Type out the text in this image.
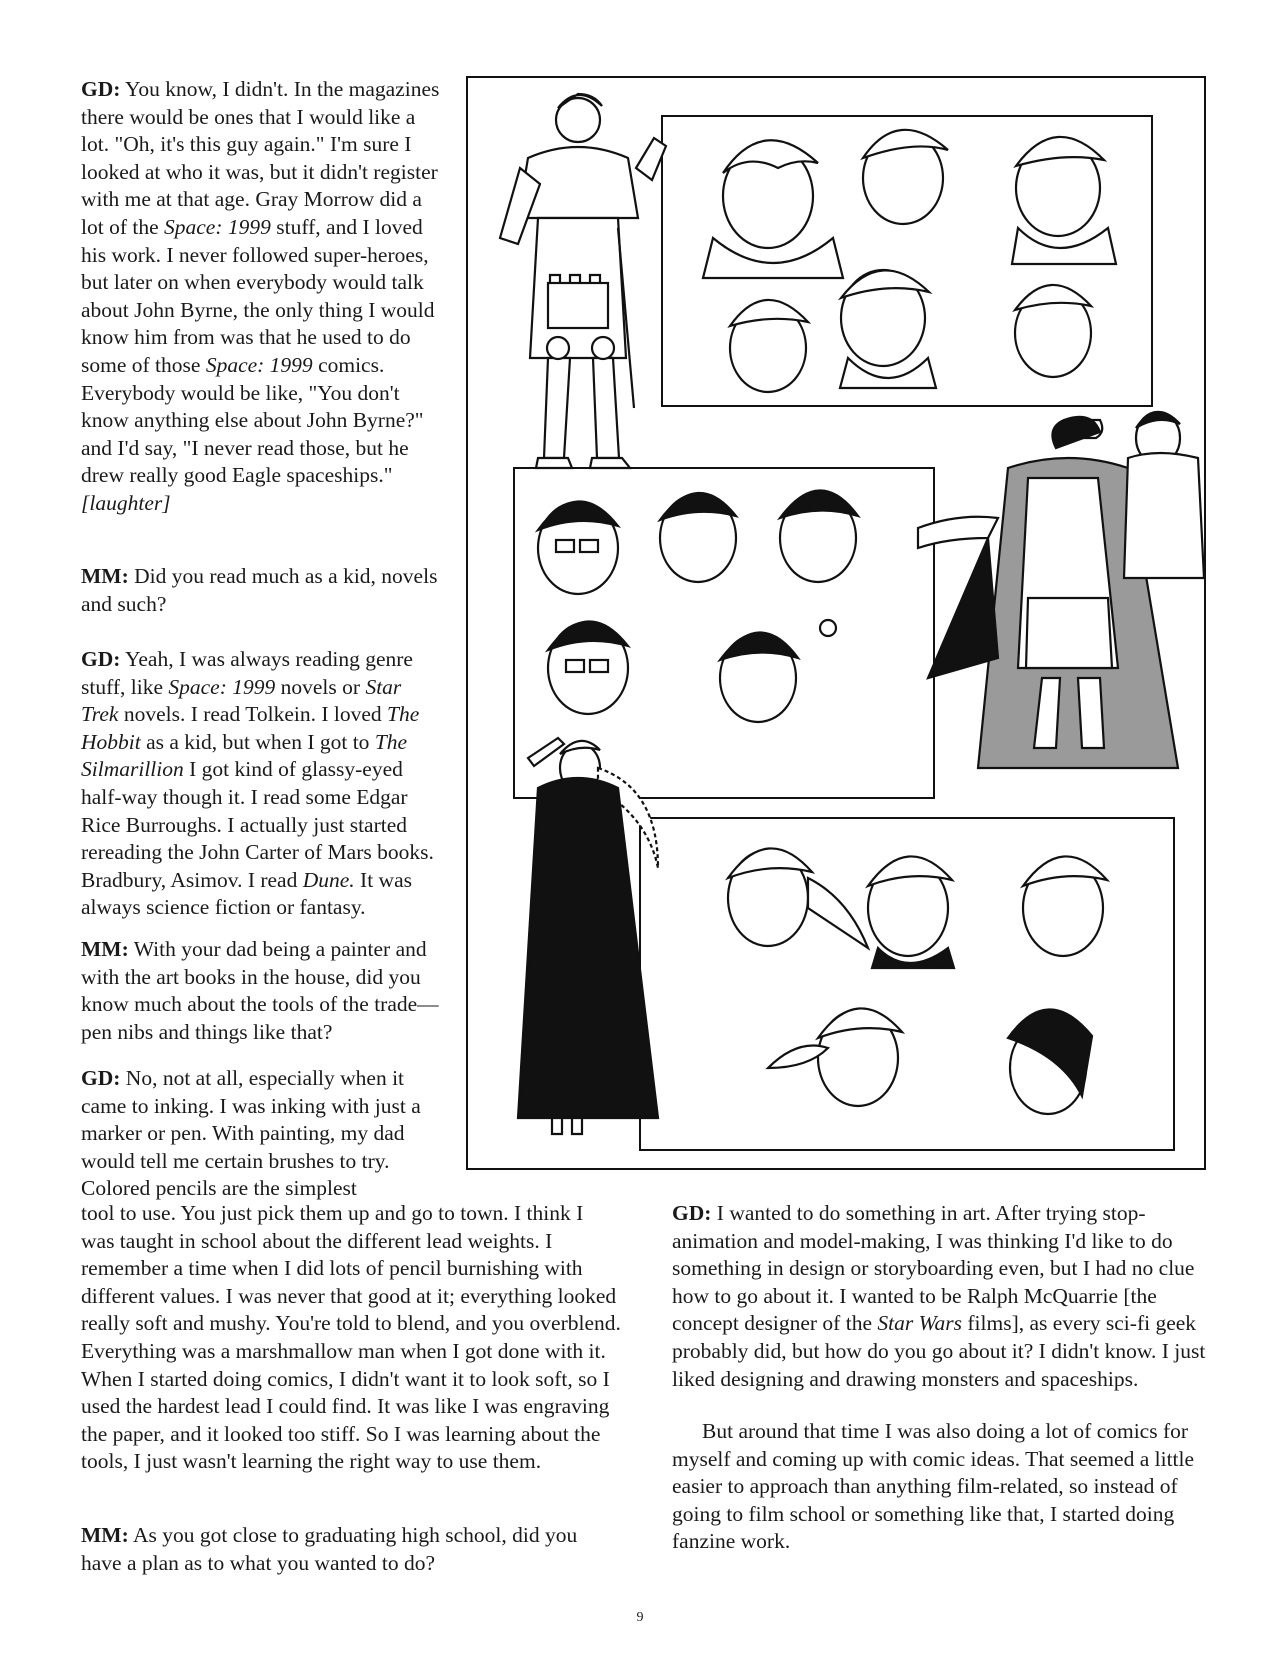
GD: You know, I didn't. In the magazines there would be ones that I would like a lot. "Oh, it's this guy again." I'm sure I looked at who it was, but it didn't register with me at that age. Gray Morrow did a lot of the Space: 1999 stuff, and I loved his work. I never followed super-heroes, but later on when everybody would talk about John Byrne, the only thing I would know him from was that he used to do some of those Space: 1999 comics. Everybody would be like, "You don't know anything else about John Byrne?" and I'd say, "I never read those, but he drew really good Eagle spaceships." [laughter]

MM: Did you read much as a kid, novels and such?

GD: Yeah, I was always reading genre stuff, like Space: 1999 novels or Star Trek novels. I read Tolkein. I loved The Hobbit as a kid, but when I got to The Silmarillion I got kind of glassy-eyed half-way though it. I read some Edgar Rice Burroughs. I actually just started rereading the John Carter of Mars books. Bradbury, Asimov. I read Dune. It was always science fiction or fantasy.

MM: With your dad being a painter and with the art books in the house, did you know much about the tools of the trade—pen nibs and things like that?

GD: No, not at all, especially when it came to inking. I was inking with just a marker or pen. With painting, my dad would tell me certain brushes to try. Colored pencils are the simplest

tool to use. You just pick them up and go to town. I think I was taught in school about the different lead weights. I remember a time when I did lots of pencil burnishing with different values. I was never that good at it; everything looked really soft and mushy. You're told to blend, and you overblend. Everything was a marshmallow man when I got done with it. When I started doing comics, I didn't want it to look soft, so I used the hardest lead I could find. It was like I was engraving the paper, and it looked too stiff. So I was learning about the tools, I just wasn't learning the right way to use them.

MM: As you got close to graduating high school, did you have a plan as to what you wanted to do?

GD: I wanted to do something in art. After trying stop-animation and model-making, I was thinking I'd like to do something in design or storyboarding even, but I had no clue how to go about it. I wanted to be Ralph McQuarrie [the concept designer of the Star Wars films], as every sci-fi geek probably did, but how do you go about it? I didn't know. I just liked designing and drawing monsters and spaceships.

But around that time I was also doing a lot of comics for myself and coming up with comic ideas. That seemed a little easier to approach than anything film-related, so instead of going to film school or something like that, I started doing fanzine work.

9
